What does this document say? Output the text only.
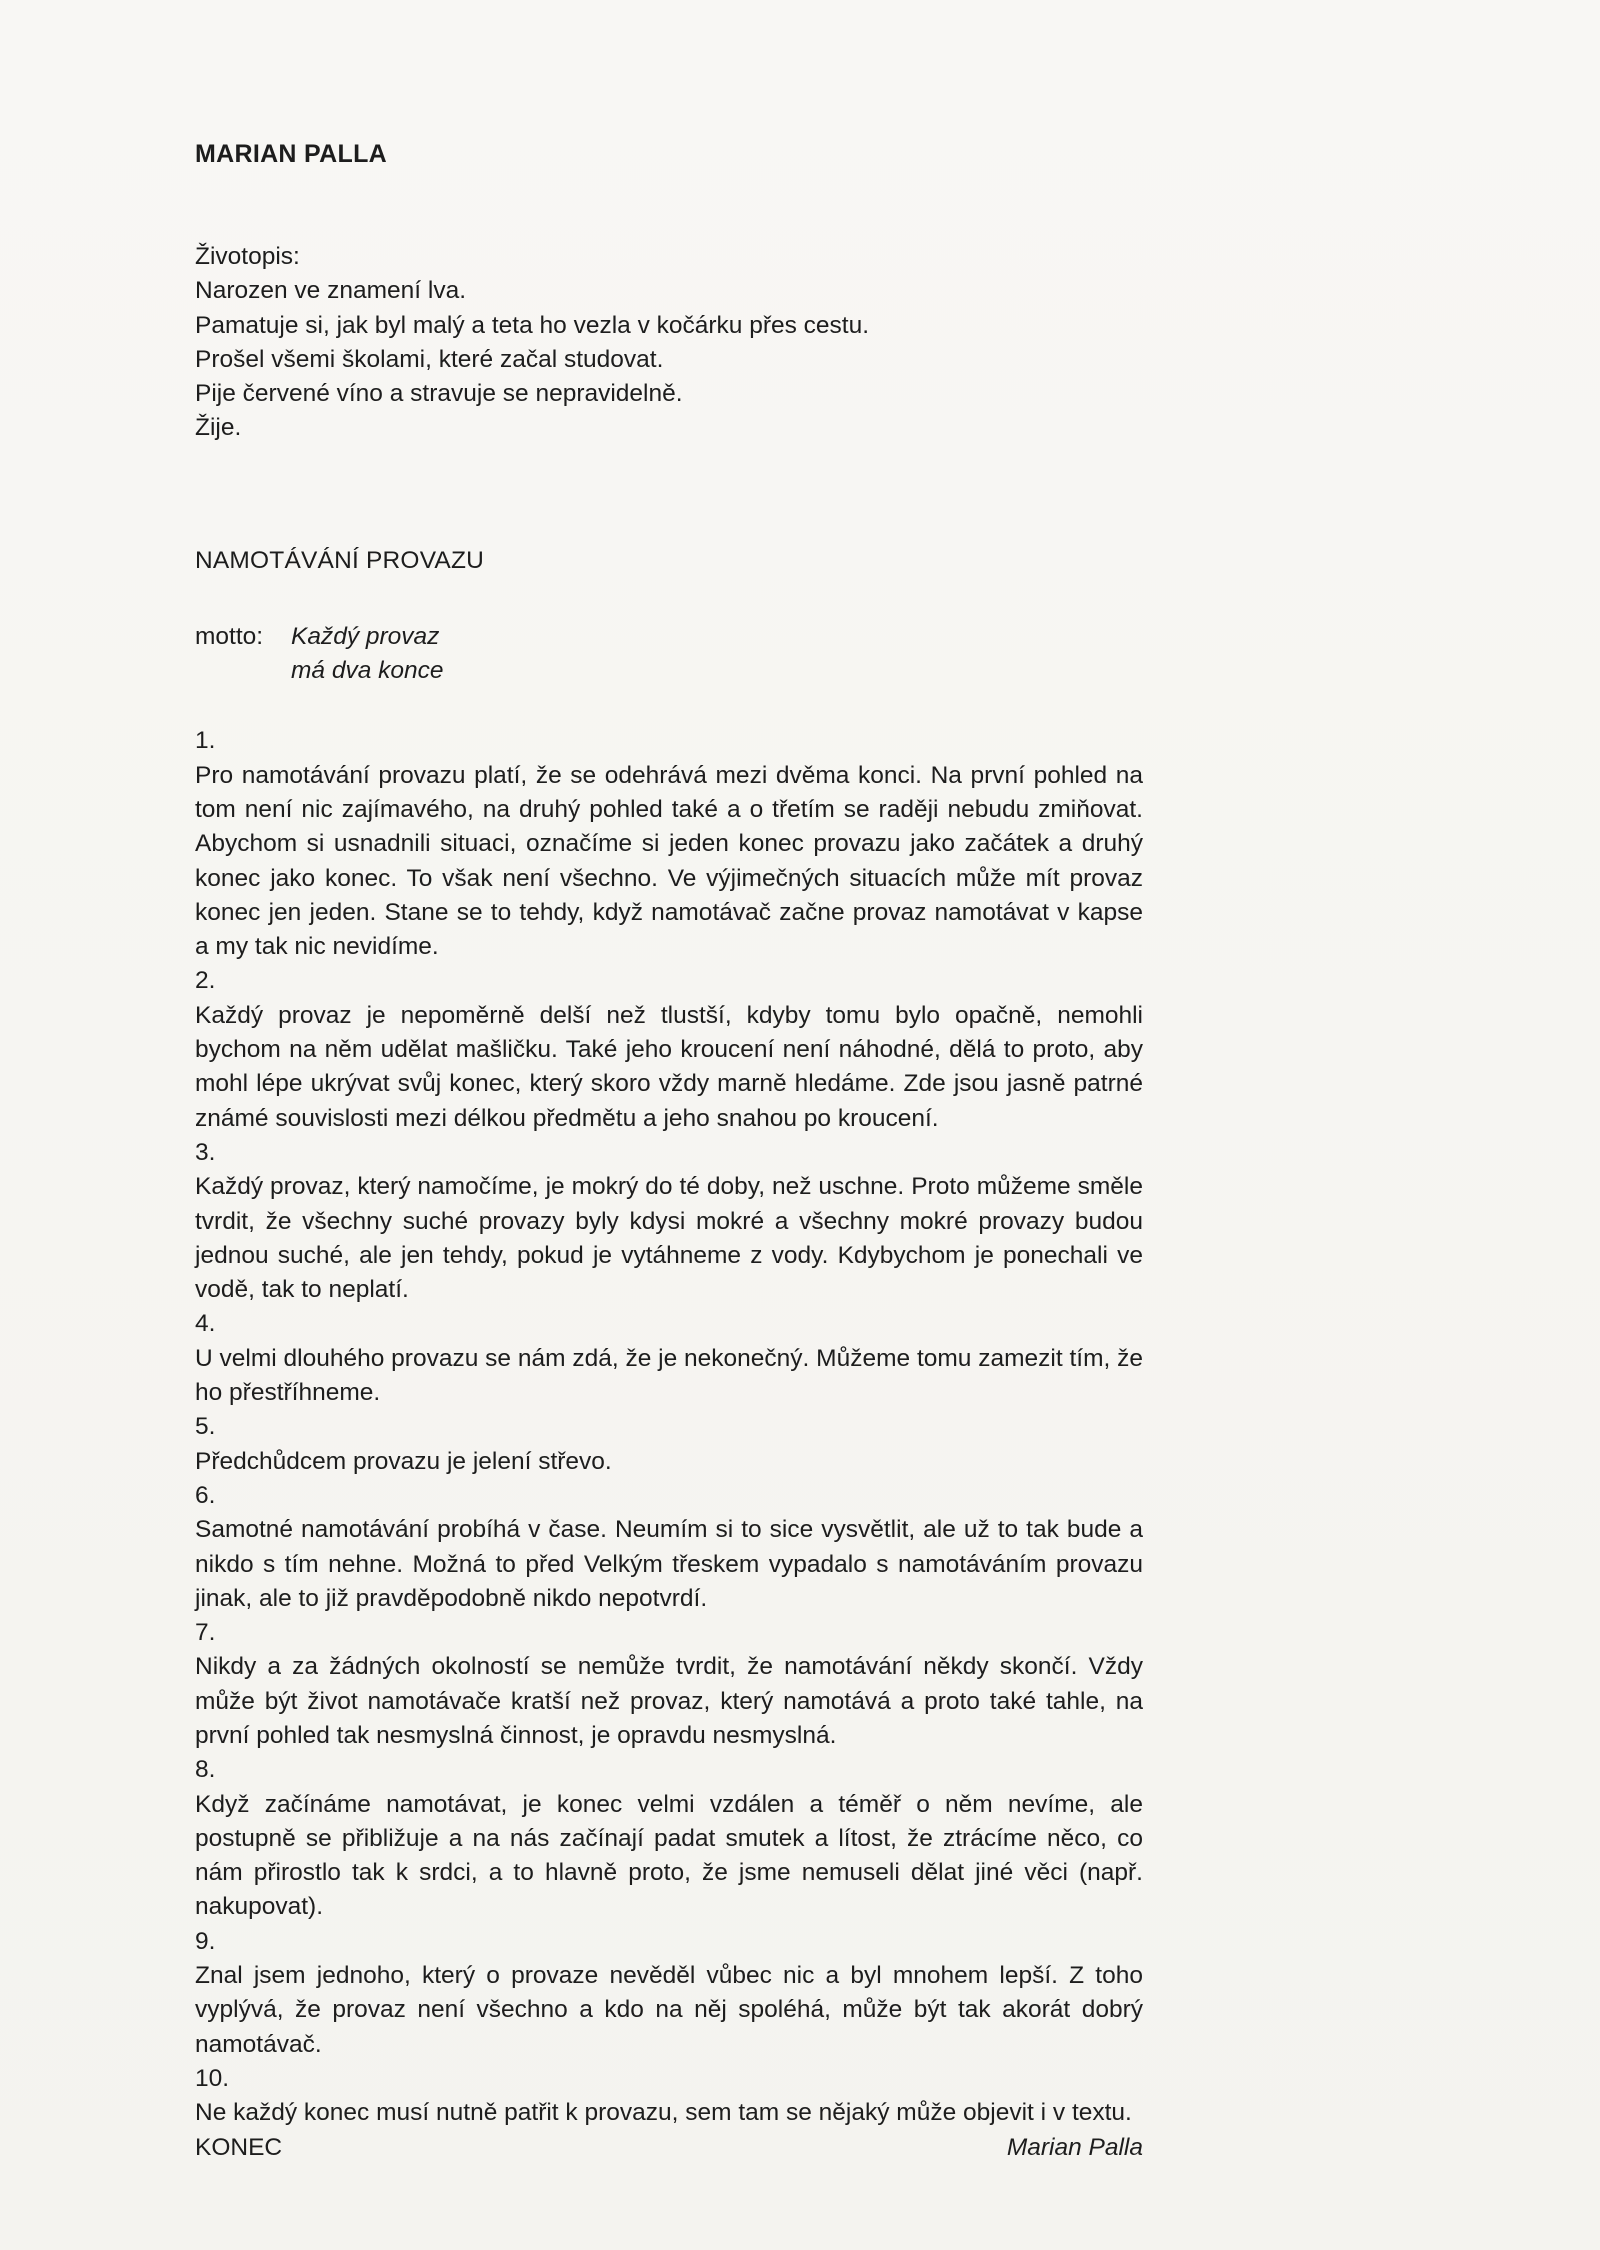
MARIAN PALLA
Životopis:
Narozen ve znamení lva.
Pamatuje si, jak byl malý a teta ho vezla v kočárku přes cestu.
Prošel všemi školami, které začal studovat.
Pije červené víno a stravuje se nepravidelně.
Žije.
NAMOTÁVÁNÍ PROVAZU
motto:	Každý provaz
má dva konce
1.
Pro namotávání provazu platí, že se odehrává mezi dvěma konci. Na první pohled na tom není nic zajímavého, na druhý pohled také a o třetím se raději nebudu zmiňovat. Abychom si usnadnili situaci, označíme si jeden konec provazu jako začátek a druhý konec jako konec. To však není všechno. Ve výjimečných situacích může mít provaz konec jen jeden. Stane se to tehdy, když namotávač začne provaz namotávat v kapse a my tak nic nevidíme.
2.
Každý provaz je nepoměrně delší než tlustší, kdyby tomu bylo opačně, nemohli bychom na něm udělat mašličku. Také jeho kroucení není náhodné, dělá to proto, aby mohl lépe ukrývat svůj konec, který skoro vždy marně hledáme. Zde jsou jasně patrné známé souvislosti mezi délkou předmětu a jeho snahou po kroucení.
3.
Každý provaz, který namočíme, je mokrý do té doby, než uschne. Proto můžeme směle tvrdit, že všechny suché provazy byly kdysi mokré a všechny mokré provazy budou jednou suché, ale jen tehdy, pokud je vytáhneme z vody. Kdybychom je ponechali ve vodě, tak to neplatí.
4.
U velmi dlouhého provazu se nám zdá, že je nekonečný. Můžeme tomu zamezit tím, že ho přestříhneme.
5.
Předchůdcem provazu je jelení střevo.
6.
Samotné namotávání probíhá v čase. Neumím si to sice vysvětlit, ale už to tak bude a nikdo s tím nehne. Možná to před Velkým třeskem vypadalo s namotáváním provazu jinak, ale to již pravděpodobně nikdo nepotvrdí.
7.
Nikdy a za žádných okolností se nemůže tvrdit, že namotávání někdy skončí. Vždy může být život namotávače kratší než provaz, který namotává a proto také tahle, na první pohled tak nesmyslná činnost, je opravdu nesmyslná.
8.
Když začínáme namotávat, je konec velmi vzdálen a téměř o něm nevíme, ale postupně se přibližuje a na nás začínají padat smutek a lítost, že ztrácíme něco, co nám přirostlo tak k srdci, a to hlavně proto, že jsme nemuseli dělat jiné věci (např. nakupovat).
9.
Znal jsem jednoho, který o provaze nevěděl vůbec nic a byl mnohem lepší. Z toho vyplývá, že provaz není všechno a kdo na něj spoléhá, může být tak akorát dobrý namotávač.
10.
Ne každý konec musí nutně patřit k provazu, sem tam se nějaký může objevit i v textu.
KONEC	Marian Palla
